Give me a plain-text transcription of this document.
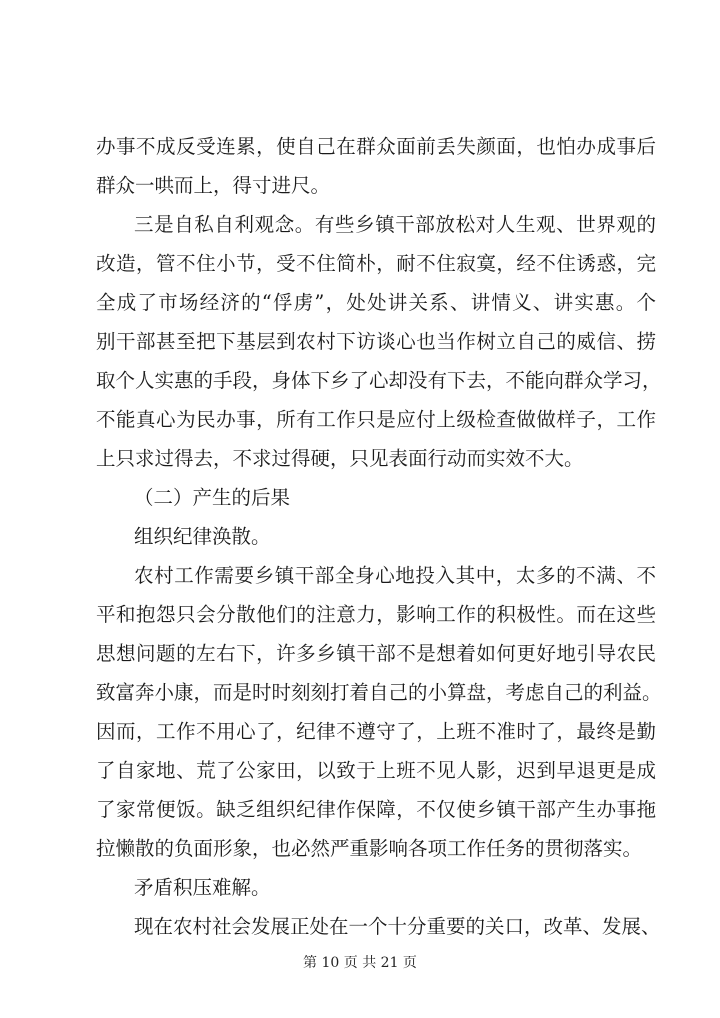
办事不成反受连累，使自己在群众面前丢失颜面，也怕办成事后
群众一哄而上，得寸进尺。
三是自私自利观念。有些乡镇干部放松对人生观、世界观的
改造，管不住小节，受不住简朴，耐不住寂寞，经不住诱惑，完
全成了市场经济的“俘虏”，处处讲关系、讲情义、讲实惠。个
别干部甚至把下基层到农村下访谈心也当作树立自己的威信、捞
取个人实惠的手段，身体下乡了心却没有下去，不能向群众学习，
不能真心为民办事，所有工作只是应付上级检查做做样子，工作
上只求过得去，不求过得硬，只见表面行动而实效不大。
（二）产生的后果
组织纪律涣散。
农村工作需要乡镇干部全身心地投入其中，太多的不满、不
平和抱怨只会分散他们的注意力，影响工作的积极性。而在这些
思想问题的左右下，许多乡镇干部不是想着如何更好地引导农民
致富奔小康，而是时时刻刻打着自己的小算盘，考虑自己的利益。
因而，工作不用心了，纪律不遵守了，上班不准时了，最终是勤
了自家地、荒了公家田，以致于上班不见人影，迟到早退更是成
了家常便饭。缺乏组织纪律作保障，不仅使乡镇干部产生办事拖
拉懒散的负面形象，也必然严重影响各项工作任务的贯彻落实。
矛盾积压难解。
现在农村社会发展正处在一个十分重要的关口，改革、发展、
第 10 页 共 21 页
